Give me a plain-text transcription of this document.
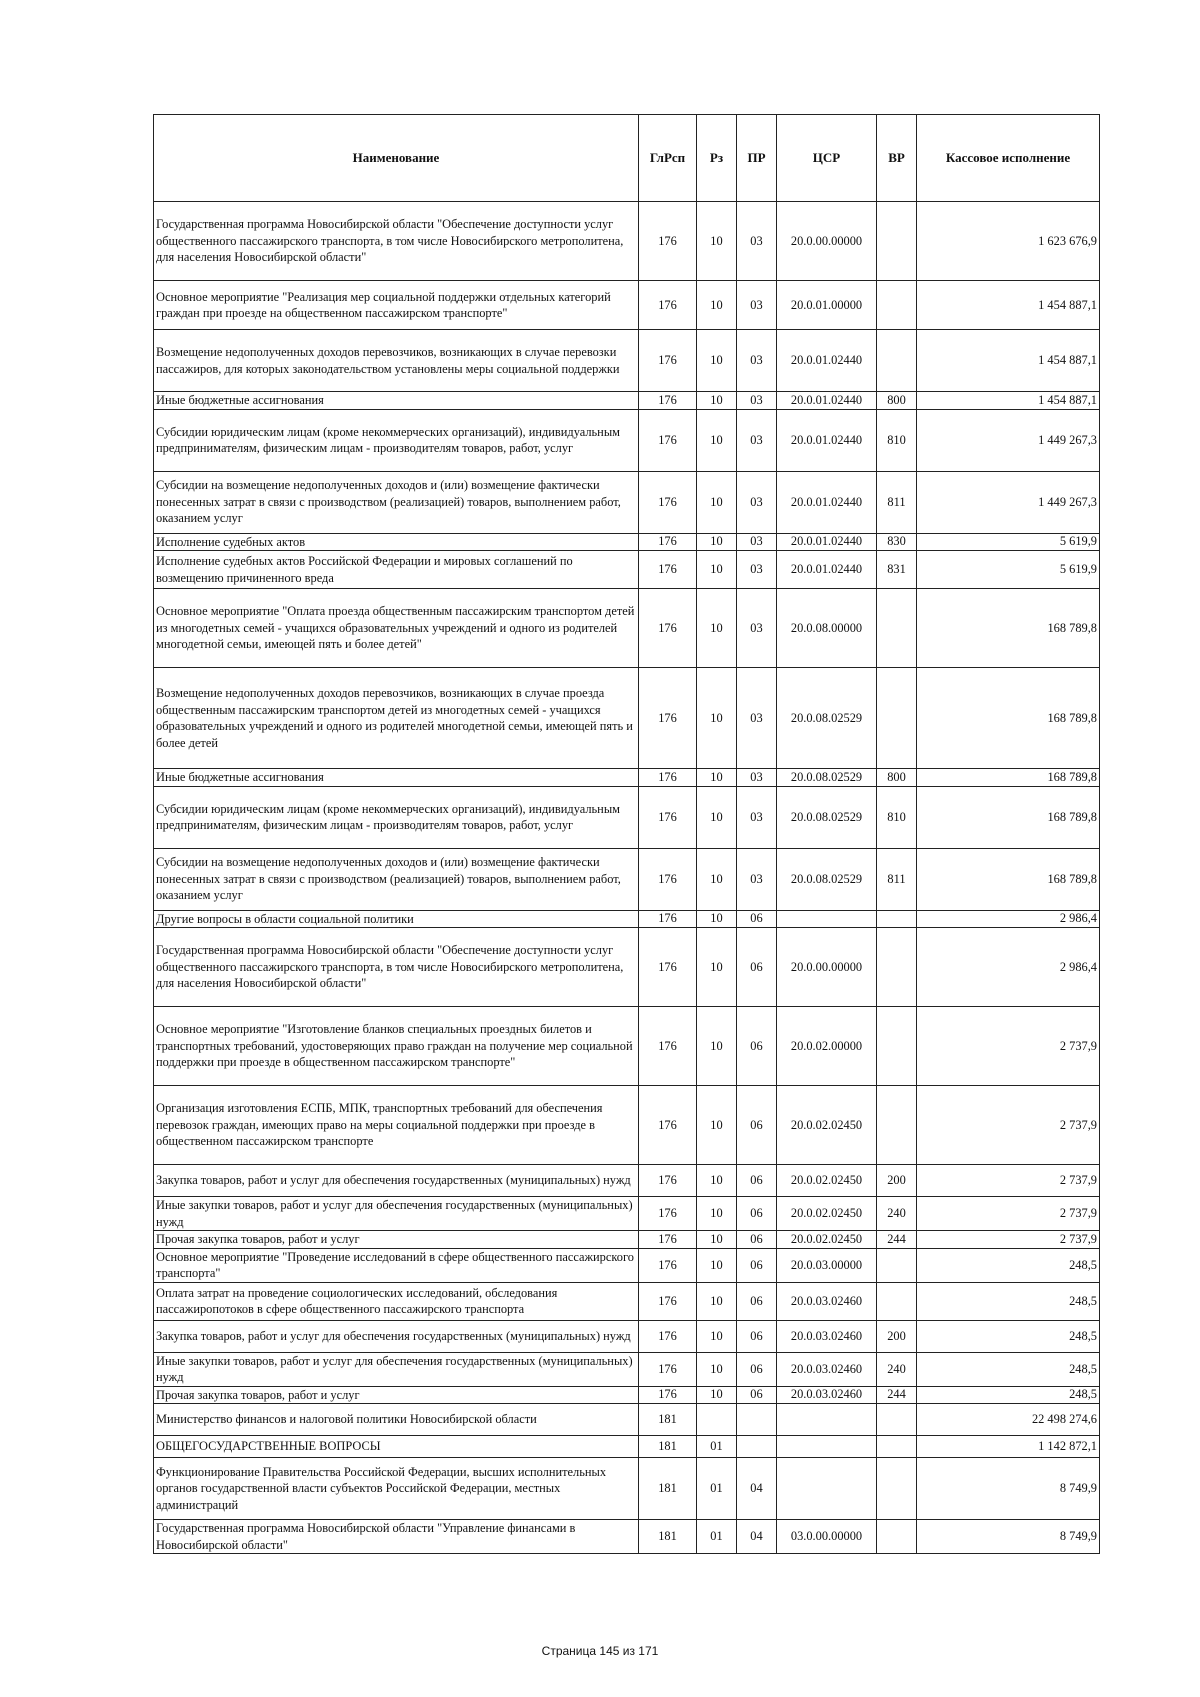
Наименование	ГлРсп	Рз	ПР	ЦСР	ВР	Кассовое исполнение
Государственная программа Новосибирской области "Обеспечение доступности услуг общественного пассажирского транспорта, в том числе Новосибирского метрополитена, для населения Новосибирской области"	176	10	03	20.0.00.00000		1 623 676,9
Основное мероприятие "Реализация мер социальной поддержки отдельных категорий граждан при проезде на общественном пассажирском транспорте"	176	10	03	20.0.01.00000		1 454 887,1
Возмещение недополученных доходов перевозчиков, возникающих в случае перевозки пассажиров, для которых законодательством установлены меры социальной поддержки	176	10	03	20.0.01.02440		1 454 887,1
Иные бюджетные ассигнования	176	10	03	20.0.01.02440	800	1 454 887,1
Субсидии юридическим лицам (кроме некоммерческих организаций), индивидуальным предпринимателям, физическим лицам - производителям товаров, работ, услуг	176	10	03	20.0.01.02440	810	1 449 267,3
Субсидии на возмещение недополученных доходов и (или) возмещение фактически понесенных затрат в связи с производством (реализацией) товаров, выполнением работ, оказанием услуг	176	10	03	20.0.01.02440	811	1 449 267,3
Исполнение судебных актов	176	10	03	20.0.01.02440	830	5 619,9
Исполнение судебных актов Российской Федерации и мировых соглашений по возмещению причиненного вреда	176	10	03	20.0.01.02440	831	5 619,9
Основное мероприятие "Оплата проезда общественным пассажирским транспортом детей из многодетных семей - учащихся образовательных учреждений и одного из родителей многодетной семьи, имеющей пять и более детей"	176	10	03	20.0.08.00000		168 789,8
Возмещение недополученных доходов перевозчиков, возникающих в случае проезда общественным пассажирским транспортом детей из многодетных семей - учащихся образовательных учреждений и одного из родителей многодетной семьи, имеющей пять и более детей	176	10	03	20.0.08.02529		168 789,8
Иные бюджетные ассигнования	176	10	03	20.0.08.02529	800	168 789,8
Субсидии юридическим лицам (кроме некоммерческих организаций), индивидуальным предпринимателям, физическим лицам - производителям товаров, работ, услуг	176	10	03	20.0.08.02529	810	168 789,8
Субсидии на возмещение недополученных доходов и (или) возмещение фактически понесенных затрат в связи с производством (реализацией) товаров, выполнением работ, оказанием услуг	176	10	03	20.0.08.02529	811	168 789,8
Другие вопросы в области социальной политики	176	10	06			2 986,4
Государственная программа Новосибирской области "Обеспечение доступности услуг общественного пассажирского транспорта, в том числе Новосибирского метрополитена, для населения Новосибирской области"	176	10	06	20.0.00.00000		2 986,4
Основное мероприятие "Изготовление бланков специальных проездных билетов и транспортных требований, удостоверяющих право граждан на получение мер социальной поддержки при проезде в общественном пассажирском транспорте"	176	10	06	20.0.02.00000		2 737,9
Организация изготовления ЕСПБ, МПК, транспортных требований для обеспечения перевозок граждан, имеющих право на меры социальной поддержки при проезде в общественном пассажирском транспорте	176	10	06	20.0.02.02450		2 737,9
Закупка товаров, работ и услуг для обеспечения государственных (муниципальных) нужд	176	10	06	20.0.02.02450	200	2 737,9
Иные закупки товаров, работ и услуг для обеспечения государственных (муниципальных) нужд	176	10	06	20.0.02.02450	240	2 737,9
Прочая закупка товаров, работ и услуг	176	10	06	20.0.02.02450	244	2 737,9
Основное мероприятие "Проведение исследований в сфере общественного пассажирского транспорта"	176	10	06	20.0.03.00000		248,5
Оплата затрат на проведение социологических исследований, обследования пассажиропотоков в сфере общественного пассажирского транспорта	176	10	06	20.0.03.02460		248,5
Закупка товаров, работ и услуг для обеспечения государственных (муниципальных) нужд	176	10	06	20.0.03.02460	200	248,5
Иные закупки товаров, работ и услуг для обеспечения государственных (муниципальных) нужд	176	10	06	20.0.03.02460	240	248,5
Прочая закупка товаров, работ и услуг	176	10	06	20.0.03.02460	244	248,5
Министерство финансов и налоговой политики Новосибирской области	181					22 498 274,6
ОБЩЕГОСУДАРСТВЕННЫЕ ВОПРОСЫ	181	01				1 142 872,1
Функционирование Правительства Российской Федерации, высших исполнительных органов государственной власти субъектов Российской Федерации, местных администраций	181	01	04			8 749,9
Государственная программа Новосибирской области "Управление финансами в Новосибирской области"	181	01	04	03.0.00.00000		8 749,9
Страница 145 из 171
